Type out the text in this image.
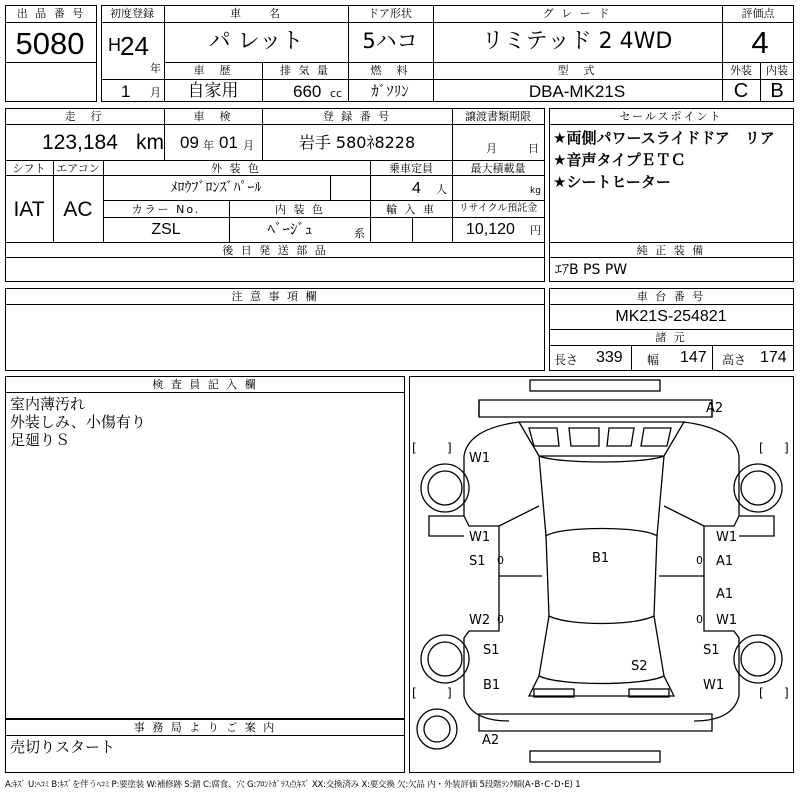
出 品 番 号
5080
初度登録
H 24
年
1 月
車　　名
パ レット
ドア形状
5ハコ
グ レ ー ド
リミテッド 2 4WD
評価点
4
車　歴
自家用
排 気 量
660 cc
燃　料
ｶﾞｿﾘﾝ
型　式
DBA-MK21S
外装
C
内装
B
走　行
123,184 km
車　検
09 年 01 月
登 録 番 号
岩手 580ﾈ8228
譲渡書類期限
月	日
シフト
IAT
エアコン
AC
外 装 色
ﾒﾛｳﾌﾞﾛﾝｽﾞﾊﾟｰﾙ
乗車定員
4 人
最大積載量
kg
カラー No.
ZSL
内 装 色
ﾍﾞｰｼﾞｭ	系
輸 入 車 リサイクル預託金
10,120 円
セールスポイント
★両側パワースライドドア　リア
★音声タイプＥＴＣ
★シートヒーター
後 日 発 送 部 品	純 正 装 備
ｴｱB PS PW
注 意 事 項 欄	車 台 番 号
MK21S-254821
諸 元
長さ 339 幅 147 高さ 174
検 査 員 記 入 欄
室内薄汚れ
外装しみ、小傷有り
足廻りＳ
事 務 局 よ り ご 案 内
売切りスタート
A2
W1
B1
W1
S1 0
W1
A1
0
A1
W1
0
W2 0
S1	S1
S2
B1	W1
A2
[	]	[ ]
[	]	[ ]
A:ｷｽﾞ U:ﾍｺﾐ B:ｷｽﾞを伴うﾍｺﾐ P:要塗装 W:補修跡 S:錆 C:腐食、穴 G:ﾌﾛﾝﾄｶﾞﾗｽ点ｷｽﾞ XX:交換済み X:要交換 欠:欠品 内・外装評価 5段階ﾗﾝｸ順(A･B･C･D･E) 1
